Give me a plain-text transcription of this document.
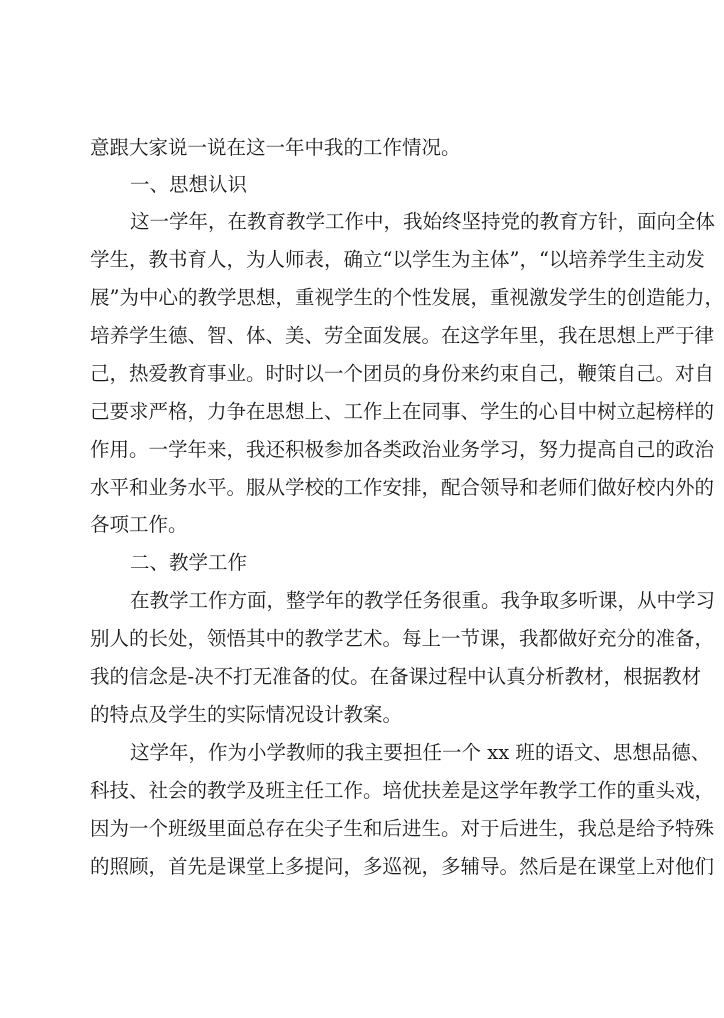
意跟大家说一说在这一年中我的工作情况。
一、思想认识
这一学年，在教育教学工作中，我始终坚持党的教育方针，面向全体
学生，教书育人，为人师表，确立“以学生为主体”，“以培养学生主动发
展”为中心的教学思想，重视学生的个性发展，重视激发学生的创造能力，
培养学生德、智、体、美、劳全面发展。在这学年里，我在思想上严于律
己，热爱教育事业。时时以一个团员的身份来约束自己，鞭策自己。对自
己要求严格，力争在思想上、工作上在同事、学生的心目中树立起榜样的
作用。一学年来，我还积极参加各类政治业务学习，努力提高自己的政治
水平和业务水平。服从学校的工作安排，配合领导和老师们做好校内外的
各项工作。
二、教学工作
在教学工作方面，整学年的教学任务很重。我争取多听课，从中学习
别人的长处，领悟其中的教学艺术。每上一节课，我都做好充分的准备，
我的信念是-决不打无准备的仗。在备课过程中认真分析教材，根据教材
的特点及学生的实际情况设计教案。
这学年，作为小学教师的我主要担任一个 xx 班的语文、思想品德、
科技、社会的教学及班主任工作。培优扶差是这学年教学工作的重头戏，
因为一个班级里面总存在尖子生和后进生。对于后进生，我总是给予特殊
的照顾，首先是课堂上多提问，多巡视，多辅导。然后是在课堂上对他们
